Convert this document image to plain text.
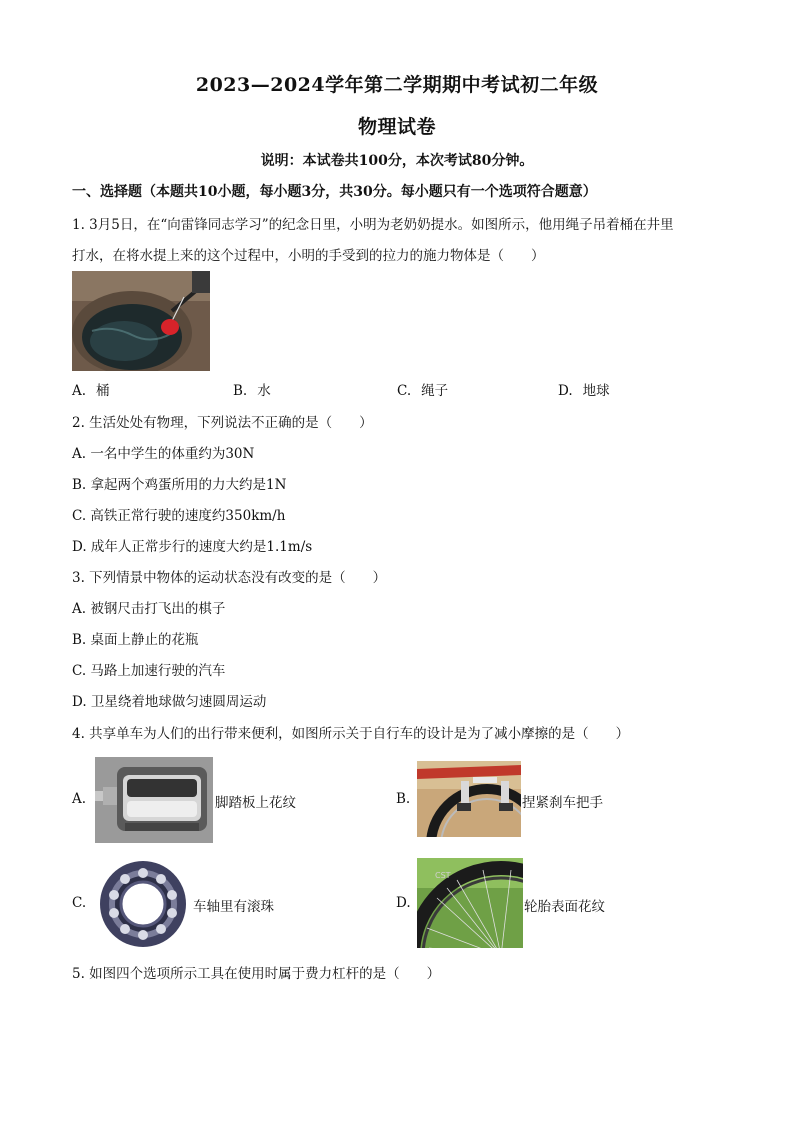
2023—2024学年第二学期期中考试初二年级
物理试卷
说明：本试卷共100分，本次考试80分钟。
一、选择题（本题共10小题，每小题3分，共30分。每小题只有一个选项符合题意）
1. 3月5日，在“向雷锋同志学习”的纪念日里，小明为老奶奶提水。如图所示，他用绳子吊着桶在井里
打水，在将水提上来的这个过程中，小明的手受到的拉力的施力物体是（　　）
A. 桶	B. 水	C. 绳子	D. 地球
2. 生活处处有物理，下列说法不正确的是（　　）
A. 一名中学生的体重约为30N
B. 拿起两个鸡蛋所用的力大约是1N
C. 高铁正常行驶的速度约350km/h
D. 成年人正常步行的速度大约是1.1m/s
3. 下列情景中物体的运动状态没有改变的是（　　）
A. 被钢尺击打飞出的棋子
B. 桌面上静止的花瓶
C. 马路上加速行驶的汽车
D. 卫星绕着地球做匀速圆周运动
4. 共享单车为人们的出行带来便利，如图所示关于自行车的设计是为了减小摩擦的是（　　）
A.	脚踏板上花纹	B.	捏紧刹车把手
C.	车轴里有滚珠	D.
CST
轮胎表面花纹
5. 如图四个选项所示工具在使用时属于费力杠杆的是（　　）
